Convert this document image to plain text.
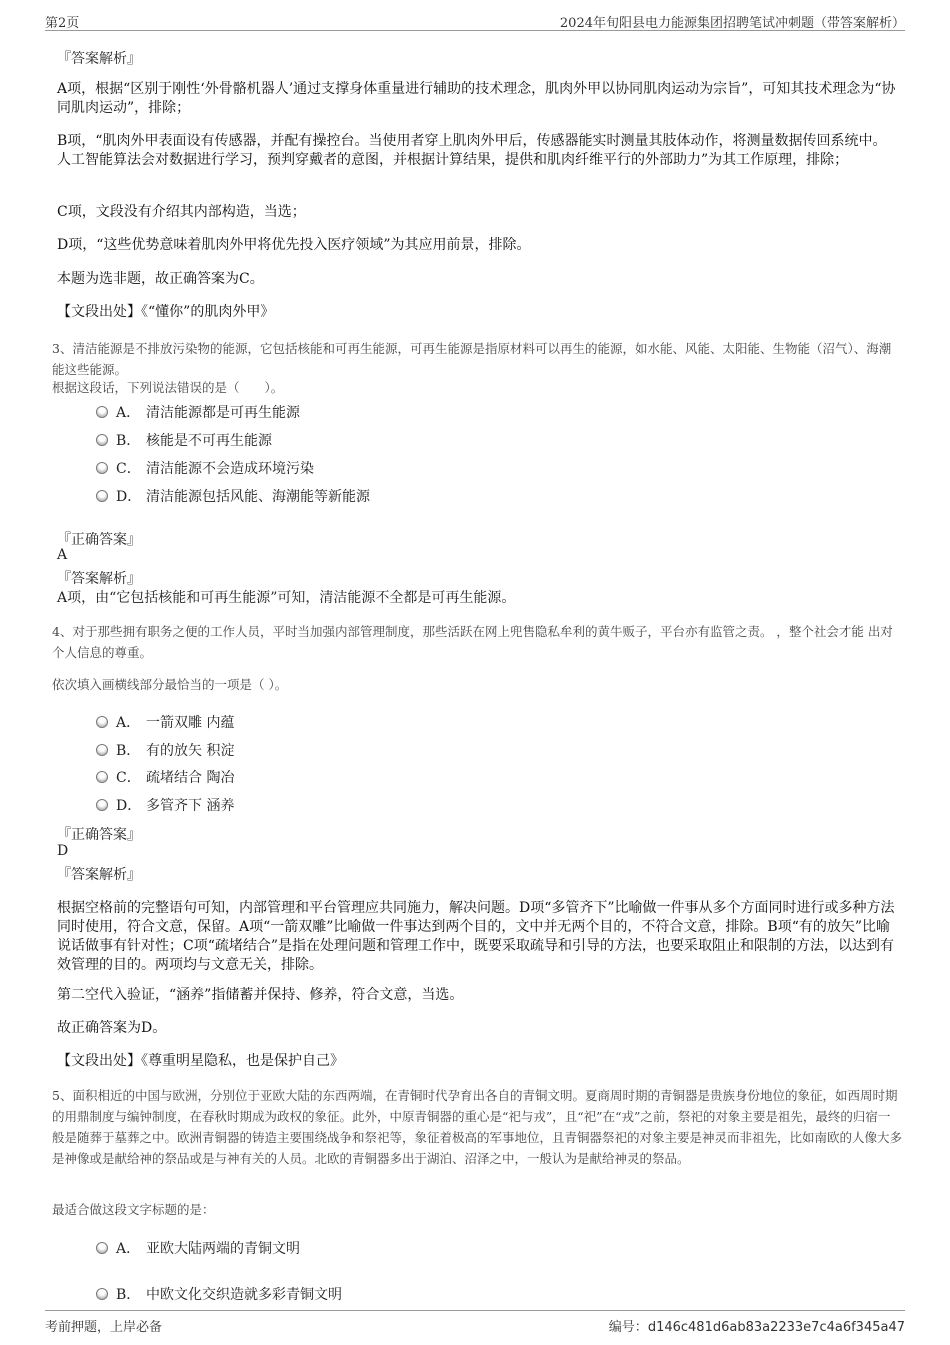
第2页	2024年旬阳县电力能源集团招聘笔试冲刺题（带答案解析）
『答案解析』
A项，根据“区别于刚性‘外骨骼机器人’通过支撑身体重量进行辅助的技术理念，肌肉外甲以协同肌肉运动为宗旨”，可知其技术理念为“协同肌肉运动”，排除；
B项，“肌肉外甲表面设有传感器，并配有操控台。当使用者穿上肌肉外甲后，传感器能实时测量其肢体动作，将测量数据传回系统中。人工智能算法会对数据进行学习，预判穿戴者的意图，并根据计算结果，提供和肌肉纤维平行的外部助力”为其工作原理，排除；
C项，文段没有介绍其内部构造，当选；
D项，“这些优势意味着肌肉外甲将优先投入医疗领域”为其应用前景，排除。
本题为选非题，故正确答案为C。
【文段出处】《“懂你”的肌肉外甲》
3、清洁能源是不排放污染物的能源，它包括核能和可再生能源，可再生能源是指原材料可以再生的能源，如水能、风能、太阳能、生物能（沼气）、海潮能这些能源。
根据这段话，下列说法错误的是（　　）。
A． 清洁能源都是可再生能源
B． 核能是不可再生能源
C． 清洁能源不会造成环境污染
D． 清洁能源包括风能、海潮能等新能源
『正确答案』
A
『答案解析』
A项，由“它包括核能和可再生能源”可知，清洁能源不全都是可再生能源。
4、对于那些拥有职务之便的工作人员，平时当加强内部管理制度，那些活跃在网上兜售隐私牟利的黄牛贩子，平台亦有监管之责。 ，整个社会才能 出对个人信息的尊重。
依次填入画横线部分最恰当的一项是（ ）。
A． 一箭双雕 内蕴
B． 有的放矢 积淀
C． 疏堵结合 陶冶
D． 多管齐下 涵养
『正确答案』
D
『答案解析』
根据空格前的完整语句可知，内部管理和平台管理应共同施力，解决问题。D项“多管齐下”比喻做一件事从多个方面同时进行或多种方法同时使用，符合文意，保留。A项“一箭双雕”比喻做一件事达到两个目的，文中并无两个目的，不符合文意，排除。B项“有的放矢”比喻说话做事有针对性；C项“疏堵结合”是指在处理问题和管理工作中，既要采取疏导和引导的方法，也要采取阻止和限制的方法，以达到有效管理的目的。两项均与文意无关，排除。
第二空代入验证，“涵养”指储蓄并保持、修养，符合文意，当选。
故正确答案为D。
【文段出处】《尊重明星隐私，也是保护自己》
5、面积相近的中国与欧洲，分别位于亚欧大陆的东西两端，在青铜时代孕育出各自的青铜文明。夏商周时期的青铜器是贵族身份地位的象征，如西周时期的用鼎制度与编钟制度，在春秋时期成为政权的象征。此外，中原青铜器的重心是“祀与戎”，且“祀”在“戎”之前，祭祀的对象主要是祖先，最终的归宿一般是随葬于墓葬之中。欧洲青铜器的铸造主要围绕战争和祭祀等，象征着极高的军事地位，且青铜器祭祀的对象主要是神灵而非祖先，比如南欧的人像大多是神像或是献给神的祭品或是与神有关的人员。北欧的青铜器多出于湖泊、沼泽之中，一般认为是献给神灵的祭品。
最适合做这段文字标题的是：
A． 亚欧大陆两端的青铜文明
B． 中欧文化交织造就多彩青铜文明
考前押题，上岸必备	编号：d146c481d6ab83a2233e7c4a6f345a47
